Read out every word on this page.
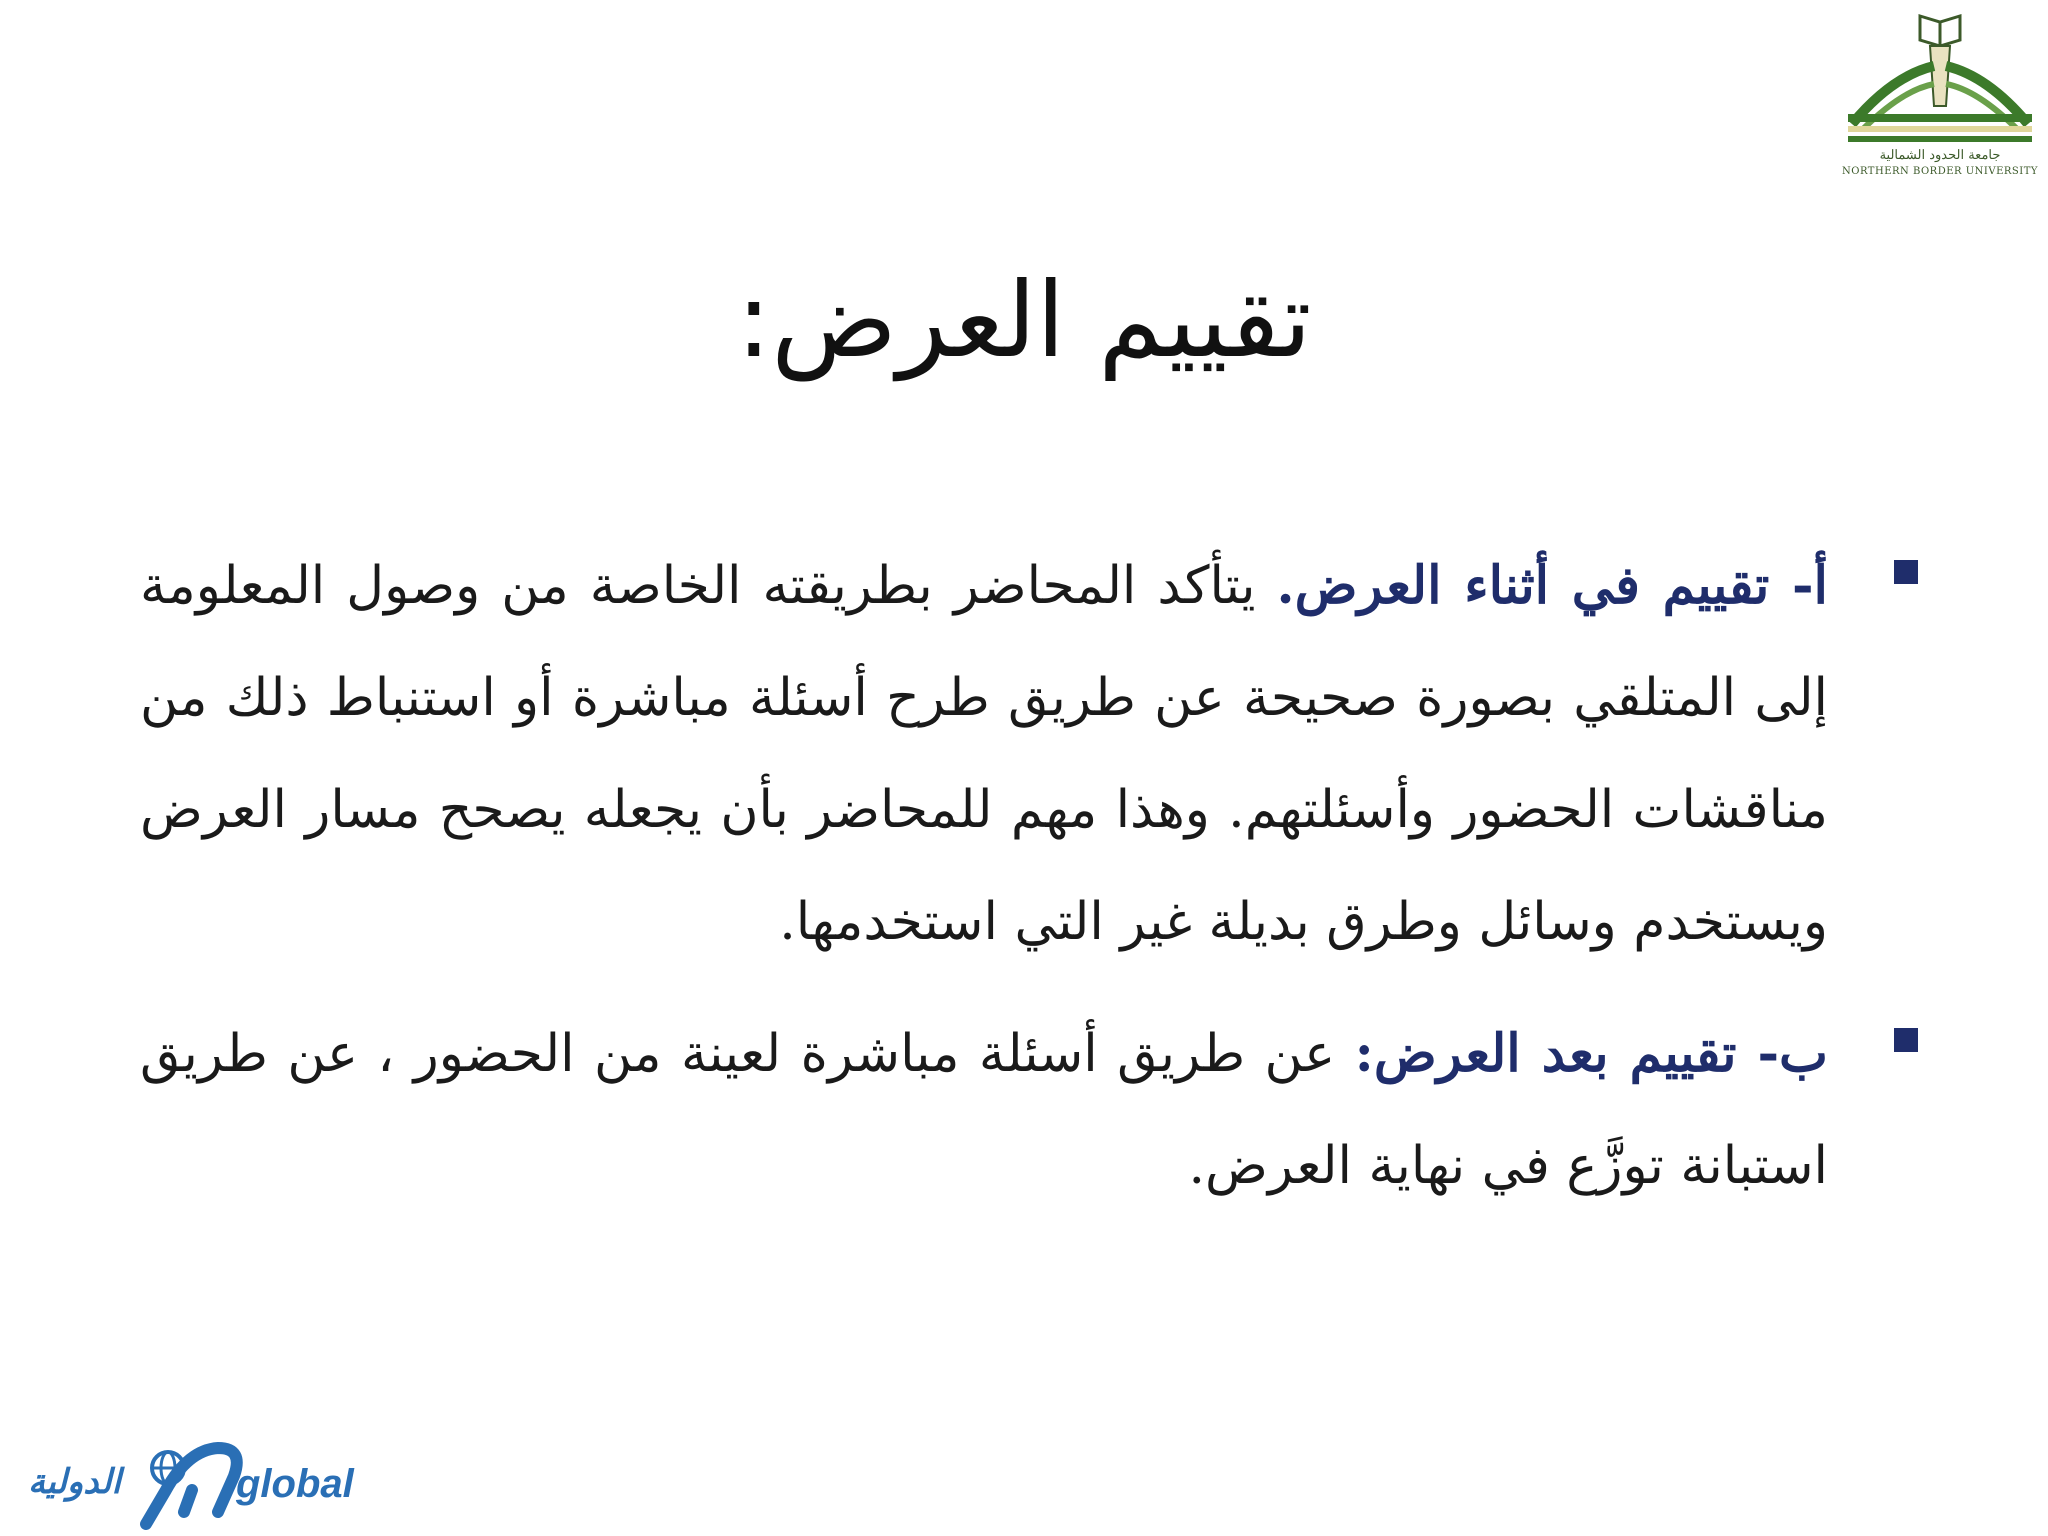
جامعة الحدود الشمالية
NORTHERN BORDER UNIVERSITY
تقييم العرض:
أ- تقييم في أثناء العرض. يتأكد المحاضر بطريقته الخاصة من وصول المعلومة إلى المتلقي بصورة صحيحة عن طريق طرح أسئلة مباشرة أو استنباط ذلك من مناقشات الحضور وأسئلتهم. وهذا مهم للمحاضر بأن يجعله يصحح مسار العرض ويستخدم وسائل وطرق بديلة غير التي استخدمها.
ب- تقييم بعد العرض: عن طريق أسئلة مباشرة لعينة من الحضور ، عن طريق استبانة توزَّع في نهاية العرض.
الدولية	global
